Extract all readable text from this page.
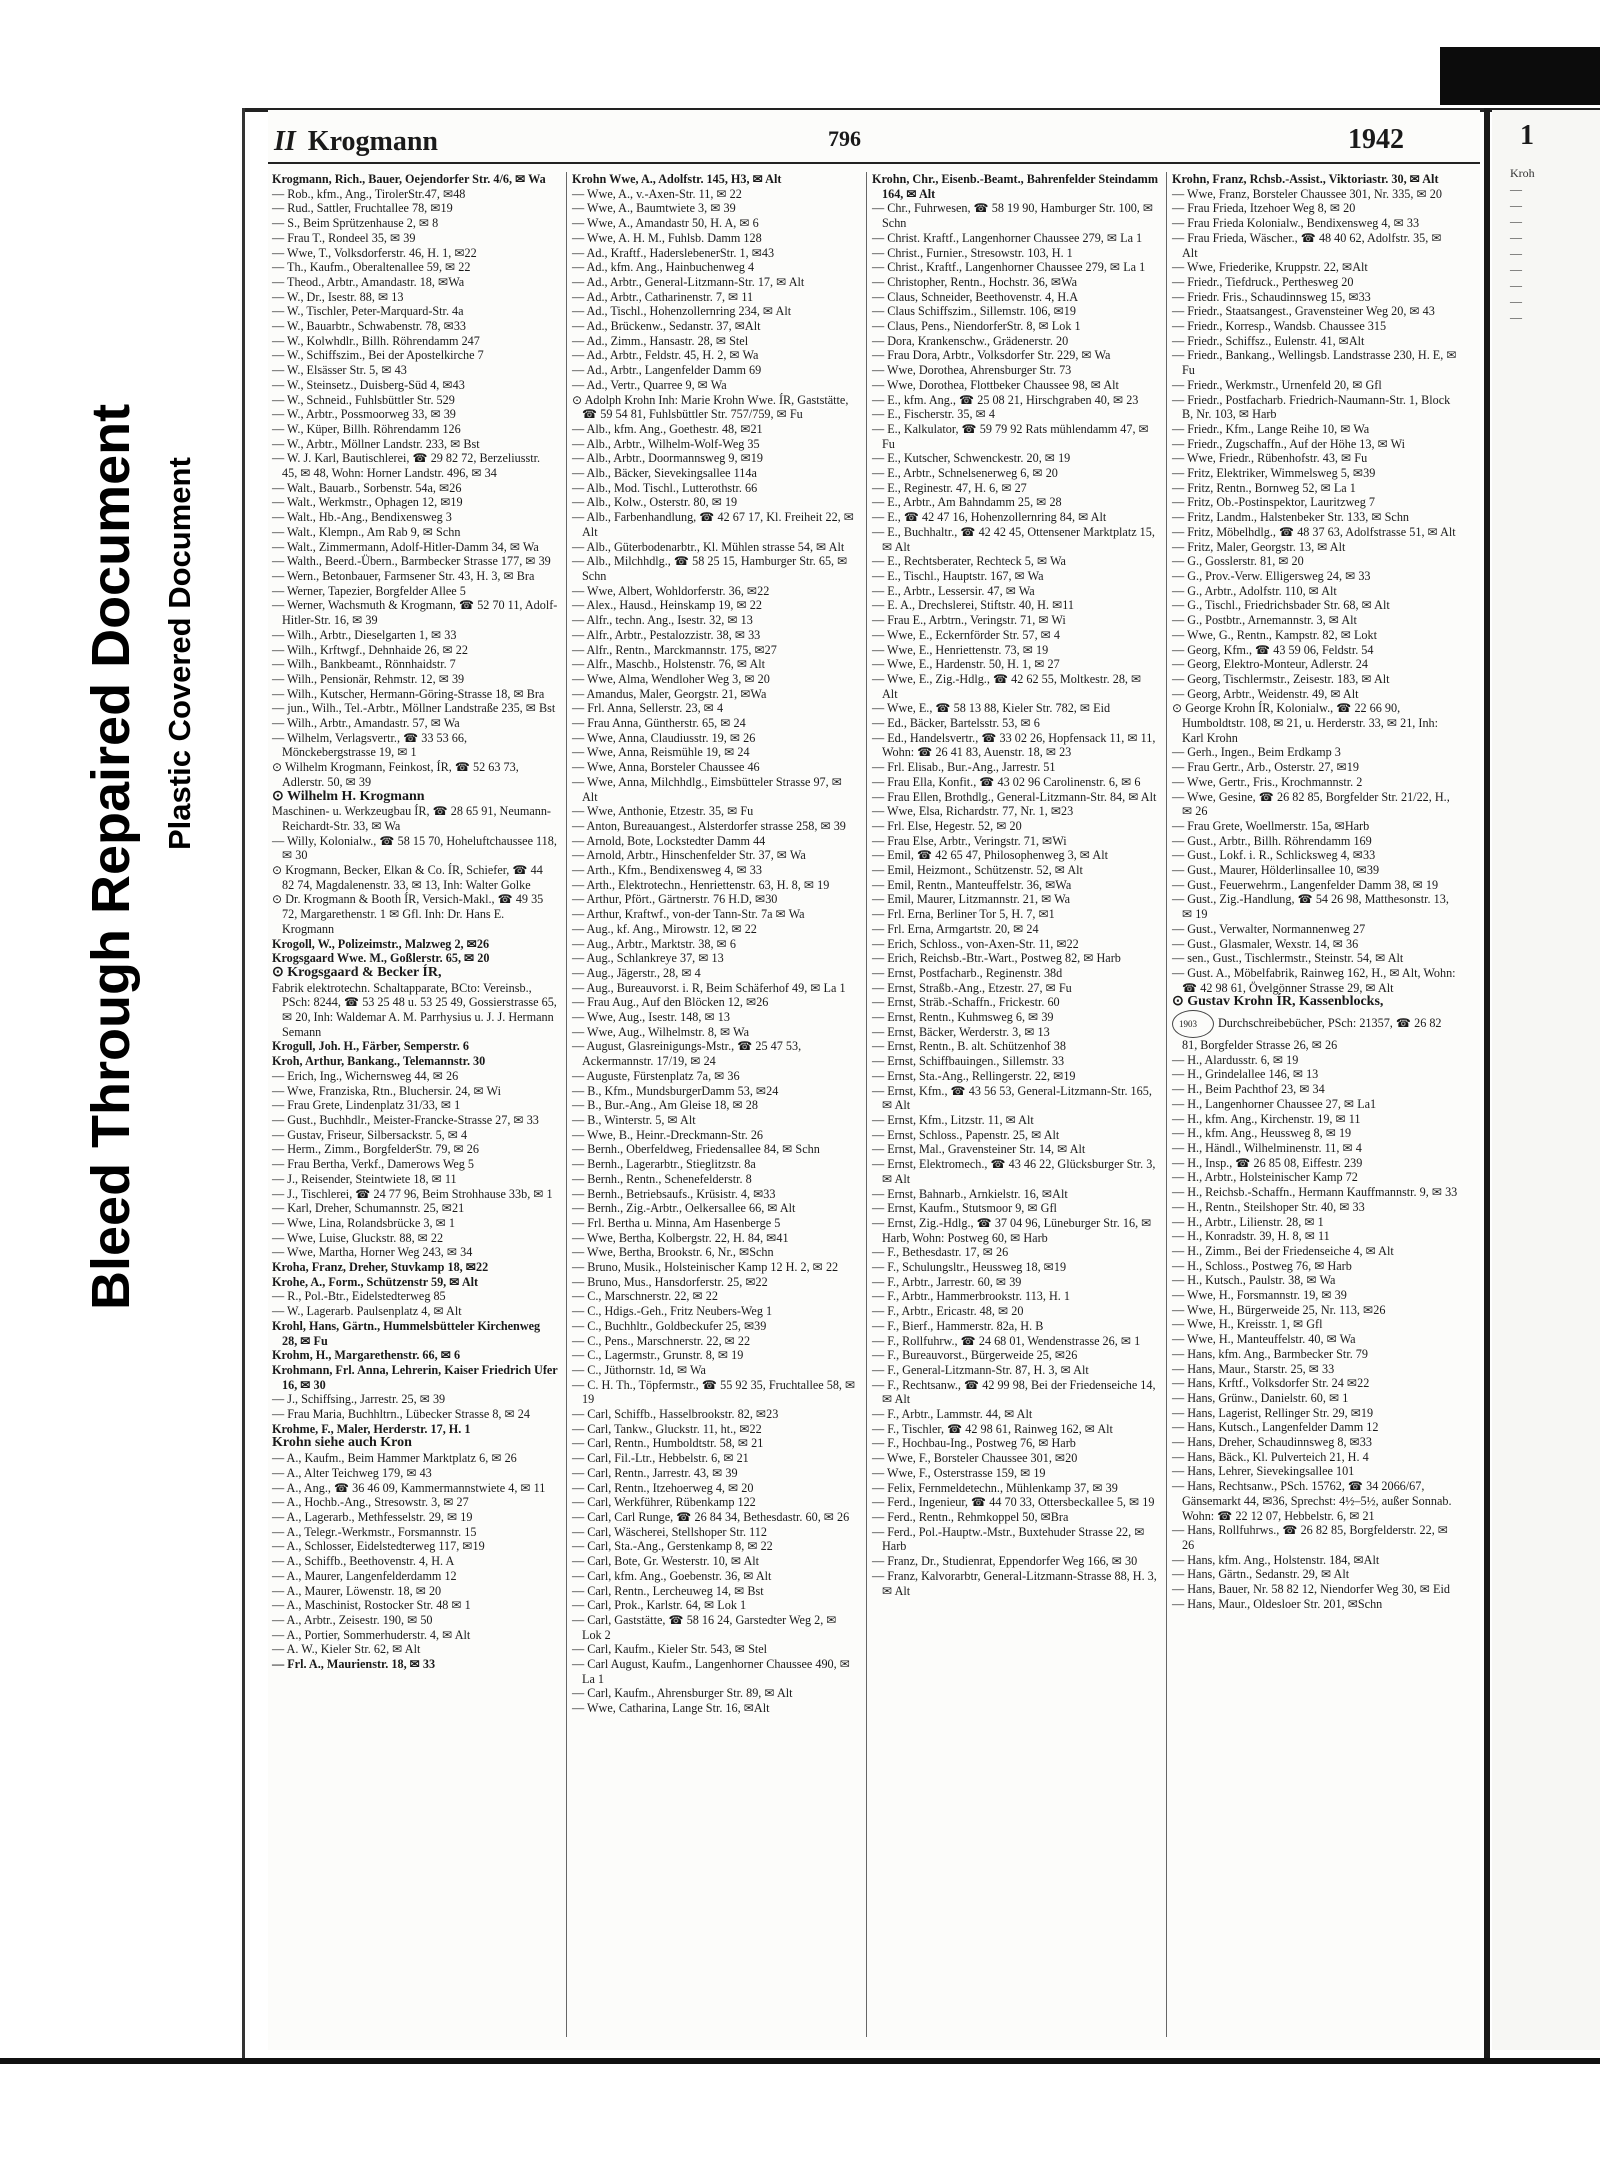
Bleed Through Repaired Document Plastic Covered Document
II Krogmann	796	1942

Krogmann, Rich., Bauer, Oejendorfer Str. 4/6, ✉ Wa

— Rob., kfm., Ang., TirolerStr.47, ✉48

— Rud., Sattler, Fruchtallee 78, ✉19

— S., Beim Sprützenhause 2, ✉ 8

— Frau T., Rondeel 35, ✉ 39

— Wwe, T., Volksdorferstr. 46, H. 1, ✉22

— Th., Kaufm., Oberaltenallee 59, ✉ 22

— Theod., Arbtr., Amandastr. 18, ✉Wa

— W., Dr., Isestr. 88, ✉ 13

— W., Tischler, Peter-Marquard-Str. 4a

— W., Bauarbtr., Schwabenstr. 78, ✉33

— W., Kolwhdlr., Billh. Röhrendamm 247

— W., Schiffszim., Bei der Apostelkirche 7

— W., Elsässer Str. 5, ✉ 43

— W., Steinsetz., Duisberg-Süd 4, ✉43

— W., Schneid., Fuhlsbüttler Str. 529

— W., Arbtr., Possmoorweg 33, ✉ 39

— W., Küper, Billh. Röhrendamm 126

— W., Arbtr., Möllner Landstr. 233, ✉ Bst

— W. J. Karl, Bautischlerei, ☎ 29 82 72, Berzeliusstr. 45, ✉ 48, Wohn: Horner Landstr. 496, ✉ 34

— Walt., Bauarb., Sorbenstr. 54a, ✉26

— Walt., Werkmstr., Ophagen 12, ✉19

— Walt., Hb.-Ang., Bendixensweg 3

— Walt., Klempn., Am Rab 9, ✉ Schn

— Walt., Zimmermann, Adolf-Hitler-Damm 34, ✉ Wa

— Walth., Beerd.-Übern., Barmbecker Strasse 177, ✉ 39

— Wern., Betonbauer, Farmsener Str. 43, H. 3, ✉ Bra

— Werner, Tapezier, Borgfelder Allee 5

— Werner, Wachsmuth & Krogmann, ☎ 52 70 11, Adolf-Hitler-Str. 16, ✉ 39

— Wilh., Arbtr., Dieselgarten 1, ✉ 33

— Wilh., Krftwgf., Dehnhaide 26, ✉ 22

— Wilh., Bankbeamt., Rönnhaidstr. 7

— Wilh., Pensionär, Rehmstr. 12, ✉ 39

— Wilh., Kutscher, Hermann-Göring-Strasse 18, ✉ Bra

— jun., Wilh., Tel.-Arbtr., Möllner Landstraße 235, ✉ Bst

— Wilh., Arbtr., Amandastr. 57, ✉ Wa

— Wilhelm, Verlagsvertr., ☎ 33 53 66, Mönckebergstrasse 19, ✉ 1

⊙ Wilhelm Krogmann, Feinkost, ÍR, ☎ 52 63 73, Adlerstr. 50, ✉ 39

⊙ Wilhelm H. Krogmann

Maschinen- u. Werkzeugbau ÍR, ☎ 28 65 91, Neumann-Reichardt-Str. 33, ✉ Wa

— Willy, Kolonialw., ☎ 58 15 70, Hoheluftchaussee 118, ✉ 30

⊙ Krogmann, Becker, Elkan & Co. ÍR, Schiefer, ☎ 44 82 74, Magdalenenstr. 33, ✉ 13, Inh: Walter Golke

⊙ Dr. Krogmann & Booth ÍR, Versich-Makl., ☎ 49 35 72, Margarethenstr. 1 ✉ Gfl. Inh: Dr. Hans E. Krogmann

Krogoll, W., Polizeimstr., Malzweg 2, ✉26

Krogsgaard Wwe. M., Goßlerstr. 65, ✉ 20

⊙ Krogsgaard & Becker ÍR,

Fabrik elektrotechn. Schaltapparate, BCto: Vereinsb., PSch: 8244, ☎ 53 25 48 u. 53 25 49, Gossierstrasse 65, ✉ 20, Inh: Waldemar A. M. Parrhysius u. J. J. Hermann Semann

Krogull, Joh. H., Färber, Semperstr. 6

Kroh, Arthur, Bankang., Telemannstr. 30

— Erich, Ing., Wichernsweg 44, ✉ 26

— Wwe, Franziska, Rtn., Bluchersir. 24, ✉ Wi

— Frau Grete, Lindenplatz 31/33, ✉ 1

— Gust., Buchhdlr., Meister-Francke-Strasse 27, ✉ 33

— Gustav, Friseur, Silbersackstr. 5, ✉ 4

— Herm., Zimm., BorgfelderStr. 79, ✉ 26

— Frau Bertha, Verkf., Damerows Weg 5

— J., Reisender, Steintwiete 18, ✉ 11

— J., Tischlerei, ☎ 24 77 96, Beim Strohhause 33b, ✉ 1

— Karl, Dreher, Schumannstr. 25, ✉21

— Wwe, Lina, Rolandsbrücke 3, ✉ 1

— Wwe, Luise, Gluckstr. 88, ✉ 22

— Wwe, Martha, Horner Weg 243, ✉ 34

Kroha, Franz, Dreher, Stuvkamp 18, ✉22

Krohe, A., Form., Schützenstr 59, ✉ Alt

— R., Pol.-Btr., Eidelstedterweg 85

— W., Lagerarb. Paulsenplatz 4, ✉ Alt

Krohl, Hans, Gärtn., Hummelsbütteler Kirchenweg 28, ✉ Fu

Krohm, H., Margarethenstr. 66, ✉ 6

Krohmann, Frl. Anna, Lehrerin, Kaiser Friedrich Ufer 16, ✉ 30

— J., Schiffsing., Jarrestr. 25, ✉ 39

— Frau Maria, Buchhltrn., Lübecker Strasse 8, ✉ 24

Krohme, F., Maler, Herderstr. 17, H. 1

Krohn siehe auch Kron

— A., Kaufm., Beim Hammer Marktplatz 6, ✉ 26

— A., Alter Teichweg 179, ✉ 43

— A., Ang., ☎ 36 46 09, Kammermannstwiete 4, ✉ 11

— A., Hochb.-Ang., Stresowstr. 3, ✉ 27

— A., Lagerarb., Methfesselstr. 29, ✉ 19

— A., Telegr.-Werkmstr., Forsmannstr. 15

— A., Schlosser, Eidelstedterweg 117, ✉19

— A., Schiffb., Beethovenstr. 4, H. A

— A., Maurer, Langenfelderdamm 12

— A., Maurer, Löwenstr. 18, ✉ 20

— A., Maschinist, Rostocker Str. 48 ✉ 1

— A., Arbtr., Zeisestr. 190, ✉ 50

— A., Portier, Sommerhuderstr. 4, ✉ Alt

— A. W., Kieler Str. 62, ✉ Alt

— Frl. A., Maurienstr. 18, ✉ 33

Krohn Wwe, A., Adolfstr. 145, H3, ✉ Alt

— Wwe, A., v.-Axen-Str. 11, ✉ 22

— Wwe, A., Baumtwiete 3, ✉ 39

— Wwe, A., Amandastr 50, H. A, ✉ 6

— Wwe, A. H. M., Fuhlsb. Damm 128

— Ad., Kraftf., HaderslebenerStr. 1, ✉43

— Ad., kfm. Ang., Hainbuchenweg 4

— Ad., Arbtr., General-Litzmann-Str. 17, ✉ Alt

— Ad., Arbtr., Catharinenstr. 7, ✉ 11

— Ad., Tischl., Hohenzollernring 234, ✉ Alt

— Ad., Brückenw., Sedanstr. 37, ✉Alt

— Ad., Zimm., Hansastr. 28, ✉ Stel

— Ad., Arbtr., Feldstr. 45, H. 2, ✉ Wa

— Ad., Arbtr., Langenfelder Damm 69

— Ad., Vertr., Quarree 9, ✉ Wa

⊙ Adolph Krohn Inh: Marie Krohn Wwe. ÍR, Gaststätte, ☎ 59 54 81, Fuhlsbüttler Str. 757/759, ✉ Fu

— Alb., kfm. Ang., Goethestr. 48, ✉21

— Alb., Arbtr., Wilhelm-Wolf-Weg 35

— Alb., Arbtr., Doormannsweg 9, ✉19

— Alb., Bäcker, Sievekingsallee 114a

— Alb., Mod. Tischl., Lutterothstr. 66

— Alb., Kolw., Osterstr. 80, ✉ 19

— Alb., Farbenhandlung, ☎ 42 67 17, Kl. Freiheit 22, ✉ Alt

— Alb., Güterbodenarbtr., Kl. Mühlen strasse 54, ✉ Alt

— Alb., Milchhdlg., ☎ 58 25 15, Hamburger Str. 65, ✉ Schn

— Wwe, Albert, Wohldorferstr. 36, ✉22

— Alex., Hausd., Heinskamp 19, ✉ 22

— Alfr., techn. Ang., Isestr. 32, ✉ 13

— Alfr., Arbtr., Pestalozzistr. 38, ✉ 33

— Alfr., Rentn., Marckmannstr. 175, ✉27

— Alfr., Maschb., Holstenstr. 76, ✉ Alt

— Wwe, Alma, Wendloher Weg 3, ✉ 20

— Amandus, Maler, Georgstr. 21, ✉Wa

— Frl. Anna, Sellerstr. 23, ✉ 4

— Frau Anna, Güntherstr. 65, ✉ 24

— Wwe, Anna, Claudiusstr. 19, ✉ 26

— Wwe, Anna, Reismühle 19, ✉ 24

— Wwe, Anna, Borsteler Chaussee 46

— Wwe, Anna, Milchhdlg., Eimsbütteler Strasse 97, ✉ Alt

— Wwe, Anthonie, Etzestr. 35, ✉ Fu

— Anton, Bureauangest., Alsterdorfer strasse 258, ✉ 39

— Arnold, Bote, Lockstedter Damm 44

— Arnold, Arbtr., Hinschenfelder Str. 37, ✉ Wa

— Arth., Kfm., Bendixensweg 4, ✉ 33

— Arth., Elektrotechn., Henriettenstr. 63, H. 8, ✉ 19

— Arthur, Pfört., Gärtnerstr. 76 H.D, ✉30

— Arthur, Kraftwf., von-der Tann-Str. 7a ✉ Wa

— Aug., kf. Ang., Mirowstr. 12, ✉ 22

— Aug., Arbtr., Marktstr. 38, ✉ 6

— Aug., Schlankreye 37, ✉ 13

— Aug., Jägerstr., 28, ✉ 4

— Aug., Bureauvorst. i. R, Beim Schäferhof 49, ✉ La 1

— Frau Aug., Auf den Blöcken 12, ✉26

— Wwe, Aug., Isestr. 148, ✉ 13

— Wwe, Aug., Wilhelmstr. 8, ✉ Wa

— August, Glasreinigungs-Mstr., ☎ 25 47 53, Ackermannstr. 17/19, ✉ 24

— Auguste, Fürstenplatz 7a, ✉ 36

— B., Kfm., MundsburgerDamm 53, ✉24

— B., Bur.-Ang., Am Gleise 18, ✉ 28

— B., Winterstr. 5, ✉ Alt

— Wwe, B., Heinr.-Dreckmann-Str. 26

— Bernh., Oberfeldweg, Friedensallee 84, ✉ Schn

— Bernh., Lagerarbtr., Stieglitzstr. 8a

— Bernh., Rentn., Schenefelderstr. 8

— Bernh., Betriebsaufs., Krüsistr. 4, ✉33

— Bernh., Zig.-Arbtr., Oelkersallee 66, ✉ Alt

— Frl. Bertha u. Minna, Am Hasenberge 5

— Wwe, Bertha, Kolbergstr. 22, H. 84, ✉41

— Wwe, Bertha, Brookstr. 6, Nr., ✉Schn

— Bruno, Musik., Holsteinischer Kamp 12 H. 2, ✉ 22

— Bruno, Mus., Hansdorferstr. 25, ✉22

— C., Marschnerstr. 22, ✉ 22

— C., Hdigs.-Geh., Fritz Neubers-Weg 1

— C., Buchhltr., Goldbeckufer 25, ✉39

— C., Pens., Marschnerstr. 22, ✉ 22

— C., Lagermstr., Grunstr. 8, ✉ 19

— C., Jüthornstr. 1d, ✉ Wa

— C. H. Th., Töpfermstr., ☎ 55 92 35, Fruchtallee 58, ✉ 19

— Carl, Schiffb., Hasselbrookstr. 82, ✉23

— Carl, Tankw., Gluckstr. 11, ht., ✉22

— Carl, Rentn., Humboldtstr. 58, ✉ 21

— Carl, Fil.-Ltr., Hebbelstr. 6, ✉ 21

— Carl, Rentn., Jarrestr. 43, ✉ 39

— Carl, Rentn., Itzehoerweg 4, ✉ 20

— Carl, Werkführer, Rübenkamp 122

— Carl, Carl Runge, ☎ 26 84 34, Bethesdastr. 60, ✉ 26

— Carl, Wäscherei, Stellshoper Str. 112

— Carl, Sta.-Ang., Gerstenkamp 8, ✉ 22

— Carl, Bote, Gr. Westerstr. 10, ✉ Alt

— Carl, kfm. Ang., Goebenstr. 36, ✉ Alt

— Carl, Rentn., Lercheuweg 14, ✉ Bst

— Carl, Prok., Karlstr. 64, ✉ Lok 1

— Carl, Gaststätte, ☎ 58 16 24, Garstedter Weg 2, ✉ Lok 2

— Carl, Kaufm., Kieler Str. 543, ✉ Stel

— Carl August, Kaufm., Langenhorner Chaussee 490, ✉ La 1

— Carl, Kaufm., Ahrensburger Str. 89, ✉ Alt

— Wwe, Catharina, Lange Str. 16, ✉Alt

Krohn, Chr., Eisenb.-Beamt., Bahrenfelder Steindamm 164, ✉ Alt

— Chr., Fuhrwesen, ☎ 58 19 90, Hamburger Str. 100, ✉ Schn

— Christ. Kraftf., Langenhorner Chaussee 279, ✉ La 1

— Christ., Furnier., Stresowstr. 103, H. 1

— Christ., Kraftf., Langenhorner Chaussee 279, ✉ La 1

— Christopher, Rentn., Hochstr. 36, ✉Wa

— Claus, Schneider, Beethovenstr. 4, H.A

— Claus Schiffszim., Sillemstr. 106, ✉19

— Claus, Pens., NiendorferStr. 8, ✉ Lok 1

— Dora, Krankenschw., Grädenerstr. 20

— Frau Dora, Arbtr., Volksdorfer Str. 229, ✉ Wa

— Wwe, Dorothea, Ahrensburger Str. 73

— Wwe, Dorothea, Flottbeker Chaussee 98, ✉ Alt

— E., kfm. Ang., ☎ 25 08 21, Hirschgraben 40, ✉ 23

— E., Fischerstr. 35, ✉ 4

— E., Kalkulator, ☎ 59 79 92 Rats mühlendamm 47, ✉ Fu

— E., Kutscher, Schwenckestr. 20, ✉ 19

— E., Arbtr., Schnelsenerweg 6, ✉ 20

— E., Reginestr. 47, H. 6, ✉ 27

— E., Arbtr., Am Bahndamm 25, ✉ 28

— E., ☎ 42 47 16, Hohenzollernring 84, ✉ Alt

— E., Buchhaltr., ☎ 42 42 45, Ottensener Marktplatz 15, ✉ Alt

— E., Rechtsberater, Rechteck 5, ✉ Wa

— E., Tischl., Hauptstr. 167, ✉ Wa

— E., Arbtr., Lessersir. 47, ✉ Wa

— E. A., Drechslerei, Stiftstr. 40, H. ✉11

— Frau E., Arbtrn., Veringstr. 71, ✉ Wi

— Wwe, E., Eckernförder Str. 57, ✉ 4

— Wwe, E., Henriettenstr. 73, ✉ 19

— Wwe, E., Hardenstr. 50, H. 1, ✉ 27

— Wwe, E., Zig.-Hdlg., ☎ 42 62 55, Moltkestr. 28, ✉ Alt

— Wwe, E., ☎ 58 13 88, Kieler Str. 782, ✉ Eid

— Ed., Bäcker, Bartelsstr. 53, ✉ 6

— Ed., Handelsvertr., ☎ 33 02 26, Hopfensack 11, ✉ 11, Wohn: ☎ 26 41 83, Auenstr. 18, ✉ 23

— Frl. Elisab., Bur.-Ang., Jarrestr. 51

— Frau Ella, Konfit., ☎ 43 02 96 Carolinenstr. 6, ✉ 6

— Frau Ellen, Brothdlg., General-Litzmann-Str. 84, ✉ Alt

— Wwe, Elsa, Richardstr. 77, Nr. 1, ✉23

— Frl. Else, Hegestr. 52, ✉ 20

— Frau Else, Arbtr., Veringstr. 71, ✉Wi

— Emil, ☎ 42 65 47, Philosophenweg 3, ✉ Alt

— Emil, Heizmont., Schützenstr. 52, ✉ Alt

— Emil, Rentn., Manteuffelstr. 36, ✉Wa

— Emil, Maurer, Litzmannstr. 21, ✉ Wa

— Frl. Erna, Berliner Tor 5, H. 7, ✉1

— Frl. Erna, Armgartstr. 20, ✉ 24

— Erich, Schloss., von-Axen-Str. 11, ✉22

— Erich, Reichsb.-Btr.-Wart., Postweg 82, ✉ Harb

— Ernst, Postfacharb., Reginenstr. 38d

— Ernst, Straßb.-Ang., Etzestr. 27, ✉ Fu

— Ernst, Sträb.-Schaffn., Frickestr. 60

— Ernst, Rentn., Kuhmsweg 6, ✉ 39

— Ernst, Bäcker, Werderstr. 3, ✉ 13

— Ernst, Rentn., B. alt. Schützenhof 38

— Ernst, Schiffbauingen., Sillemstr. 33

— Ernst, Sta.-Ang., Rellingerstr. 22, ✉19

— Ernst, Kfm., ☎ 43 56 53, General-Litzmann-Str. 165, ✉ Alt

— Ernst, Kfm., Litzstr. 11, ✉ Alt

— Ernst, Schloss., Papenstr. 25, ✉ Alt

— Ernst, Mal., Gravensteiner Str. 14, ✉ Alt

— Ernst, Elektromech., ☎ 43 46 22, Glücksburger Str. 3, ✉ Alt

— Ernst, Bahnarb., Arnkielstr. 16, ✉Alt

— Ernst, Kaufm., Stutsmoor 9, ✉ Gfl

— Ernst, Zig.-Hdlg., ☎ 37 04 96, Lüneburger Str. 16, ✉ Harb, Wohn: Postweg 60, ✉ Harb

— F., Bethesdastr. 17, ✉ 26

— F., Schulungsltr., Heussweg 18, ✉19

— F., Arbtr., Jarrestr. 60, ✉ 39

— F., Arbtr., Hammerbrookstr. 113, H. 1

— F., Arbtr., Ericastr. 48, ✉ 20

— F., Bierf., Hammerstr. 82a, H. B

— F., Rollfuhrw., ☎ 24 68 01, Wendenstrasse 26, ✉ 1

— F., Bureauvorst., Bürgerweide 25, ✉26

— F., General-Litzmann-Str. 87, H. 3, ✉ Alt

— F., Rechtsanw., ☎ 42 99 98, Bei der Friedenseiche 14, ✉ Alt

— F., Arbtr., Lammstr. 44, ✉ Alt

— F., Tischler, ☎ 42 98 61, Rainweg 162, ✉ Alt

— F., Hochbau-Ing., Postweg 76, ✉ Harb

— Wwe, F., Borsteler Chaussee 301, ✉20

— Wwe, F., Osterstrasse 159, ✉ 19

— Felix, Fernmeldetechn., Mühlenkamp 37, ✉ 39

— Ferd., Ingenieur, ☎ 44 70 33, Ottersbeckallee 5, ✉ 19

— Ferd., Rentn., Rehmkoppel 50, ✉Bra

— Ferd., Pol.-Hauptw.-Mstr., Buxtehuder Strasse 22, ✉ Harb

— Franz, Dr., Studienrat, Eppendorfer Weg 166, ✉ 30

— Franz, Kalvorarbtr, General-Litzmann-Strasse 88, H. 3, ✉ Alt

Krohn, Franz, Rchsb.-Assist., Viktoriastr. 30, ✉ Alt

— Wwe, Franz, Borsteler Chaussee 301, Nr. 335, ✉ 20

— Frau Frieda, Itzehoer Weg 8, ✉ 20

— Frau Frieda Kolonialw., Bendixensweg 4, ✉ 33

— Frau Frieda, Wäscher., ☎ 48 40 62, Adolfstr. 35, ✉ Alt

— Wwe, Friederike, Kruppstr. 22, ✉Alt

— Friedr., Tiefdruck., Perthesweg 20

— Friedr. Fris., Schaudinnsweg 15, ✉33

— Friedr., Staatsangest., Gravensteiner Weg 20, ✉ 43

— Friedr., Korresp., Wandsb. Chaussee 315

— Friedr., Schiffsz., Eulenstr. 41, ✉Alt

— Friedr., Bankang., Wellingsb. Landstrasse 230, H. E, ✉ Fu

— Friedr., Werkmstr., Urnenfeld 20, ✉ Gfl

— Friedr., Postfacharb. Friedrich-Naumann-Str. 1, Block B, Nr. 103, ✉ Harb

— Friedr., Kfm., Lange Reihe 10, ✉ Wa

— Friedr., Zugschaffn., Auf der Höhe 13, ✉ Wi

— Wwe, Friedr., Rübenhofstr. 43, ✉ Fu

— Fritz, Elektriker, Wimmelsweg 5, ✉39

— Fritz, Rentn., Bornweg 52, ✉ La 1

— Fritz, Ob.-Postinspektor, Lauritzweg 7

— Fritz, Landm., Halstenbeker Str. 133, ✉ Schn

— Fritz, Möbelhdlg., ☎ 48 37 63, Adolfstrasse 51, ✉ Alt

— Fritz, Maler, Georgstr. 13, ✉ Alt

— G., Gosslerstr. 81, ✉ 20

— G., Prov.-Verw. Elligersweg 24, ✉ 33

— G., Arbtr., Adolfstr. 110, ✉ Alt

— G., Tischl., Friedrichsbader Str. 68, ✉ Alt

— G., Postbtr., Arnemannstr. 3, ✉ Alt

— Wwe, G., Rentn., Kampstr. 82, ✉ Lokt

— Georg, Kfm., ☎ 43 59 06, Feldstr. 54

— Georg, Elektro-Monteur, Adlerstr. 24

— Georg, Tischlermstr., Zeisestr. 183, ✉ Alt

— Georg, Arbtr., Weidenstr. 49, ✉ Alt

⊙ George Krohn ÍR, Kolonialw., ☎ 22 66 90, Humboldtstr. 108, ✉ 21, u. Herderstr. 33, ✉ 21, Inh: Karl Krohn

— Gerh., Ingen., Beim Erdkamp 3

— Frau Gertr., Arb., Osterstr. 27, ✉19

— Wwe, Gertr., Fris., Krochmannstr. 2

— Wwe, Gesine, ☎ 26 82 85, Borgfelder Str. 21/22, H., ✉ 26

— Frau Grete, Woellmerstr. 15a, ✉Harb

— Gust., Arbtr., Billh. Röhrendamm 169

— Gust., Lokf. i. R., Schlicksweg 4, ✉33

— Gust., Maurer, Hölderlinsallee 10, ✉39

— Gust., Feuerwehrm., Langenfelder Damm 38, ✉ 19

— Gust., Zig.-Handlung, ☎ 54 26 98, Matthesonstr. 13, ✉ 19

— Gust., Verwalter, Normannenweg 27

— Gust., Glasmaler, Wexstr. 14, ✉ 36

— sen., Gust., Tischlermstr., Steinstr. 54, ✉ Alt

— Gust. A., Möbelfabrik, Rainweg 162, H., ✉ Alt, Wohn: ☎ 42 98 61, Övelgönner Strasse 29, ✉ Alt

⊙ Gustav Krohn ÍR, Kassenblocks,

1903 Durchschreibebücher, PSch: 21357, ☎ 26 82 81, Borgfelder Strasse 26, ✉ 26

— H., Alardusstr. 6, ✉ 19

— H., Grindelallee 146, ✉ 13

— H., Beim Pachthof 23, ✉ 34

— H., Langenhorner Chaussee 27, ✉ La1

— H., kfm. Ang., Kirchenstr. 19, ✉ 11

— H., kfm. Ang., Heussweg 8, ✉ 19

— H., Händl., Wilhelminenstr. 11, ✉ 4

— H., Insp., ☎ 26 85 08, Eiffestr. 239

— H., Arbtr., Holsteinischer Kamp 72

— H., Reichsb.-Schaffn., Hermann Kauffmannstr. 9, ✉ 33

— H., Rentn., Steilshoper Str. 40, ✉ 33

— H., Arbtr., Lilienstr. 28, ✉ 1

— H., Konradstr. 39, H. 8, ✉ 11

— H., Zimm., Bei der Friedenseiche 4, ✉ Alt

— H., Schloss., Postweg 76, ✉ Harb

— H., Kutsch., Paulstr. 38, ✉ Wa

— Wwe, H., Forsmannstr. 19, ✉ 39

— Wwe, H., Bürgerweide 25, Nr. 113, ✉26

— Wwe, H., Kreisstr. 1, ✉ Gfl

— Wwe, H., Manteuffelstr. 40, ✉ Wa

— Hans, kfm. Ang., Barmbecker Str. 79

— Hans, Maur., Starstr. 25, ✉ 33

— Hans, Krftf., Volksdorfer Str. 24 ✉22

— Hans, Grünw., Danielstr. 60, ✉ 1

— Hans, Lagerist, Rellinger Str. 29, ✉19

— Hans, Kutsch., Langenfelder Damm 12

— Hans, Dreher, Schaudinnsweg 8, ✉33

— Hans, Bäck., Kl. Pulverteich 21, H. 4

— Hans, Lehrer, Sievekingsallee 101

— Hans, Rechtsanw., PSch. 15762, ☎ 34 2066/67, Gänsemarkt 44, ✉36, Sprechst: 4½–5½, außer Sonnab. Wohn: ☎ 22 12 07, Hebbelstr. 6, ✉ 21

— Hans, Rollfuhrws., ☎ 26 82 85, Borgfelderstr. 22, ✉ 26

— Hans, kfm. Ang., Holstenstr. 184, ✉Alt

— Hans, Gärtn., Sedanstr. 29, ✉ Alt

— Hans, Bauer, Nr. 58 82 12, Niendorfer Weg 30, ✉ Eid

— Hans, Maur., Oldesloer Str. 201, ✉Schn

1
Kroh
—
—
—
—
—
—
—
—
—
